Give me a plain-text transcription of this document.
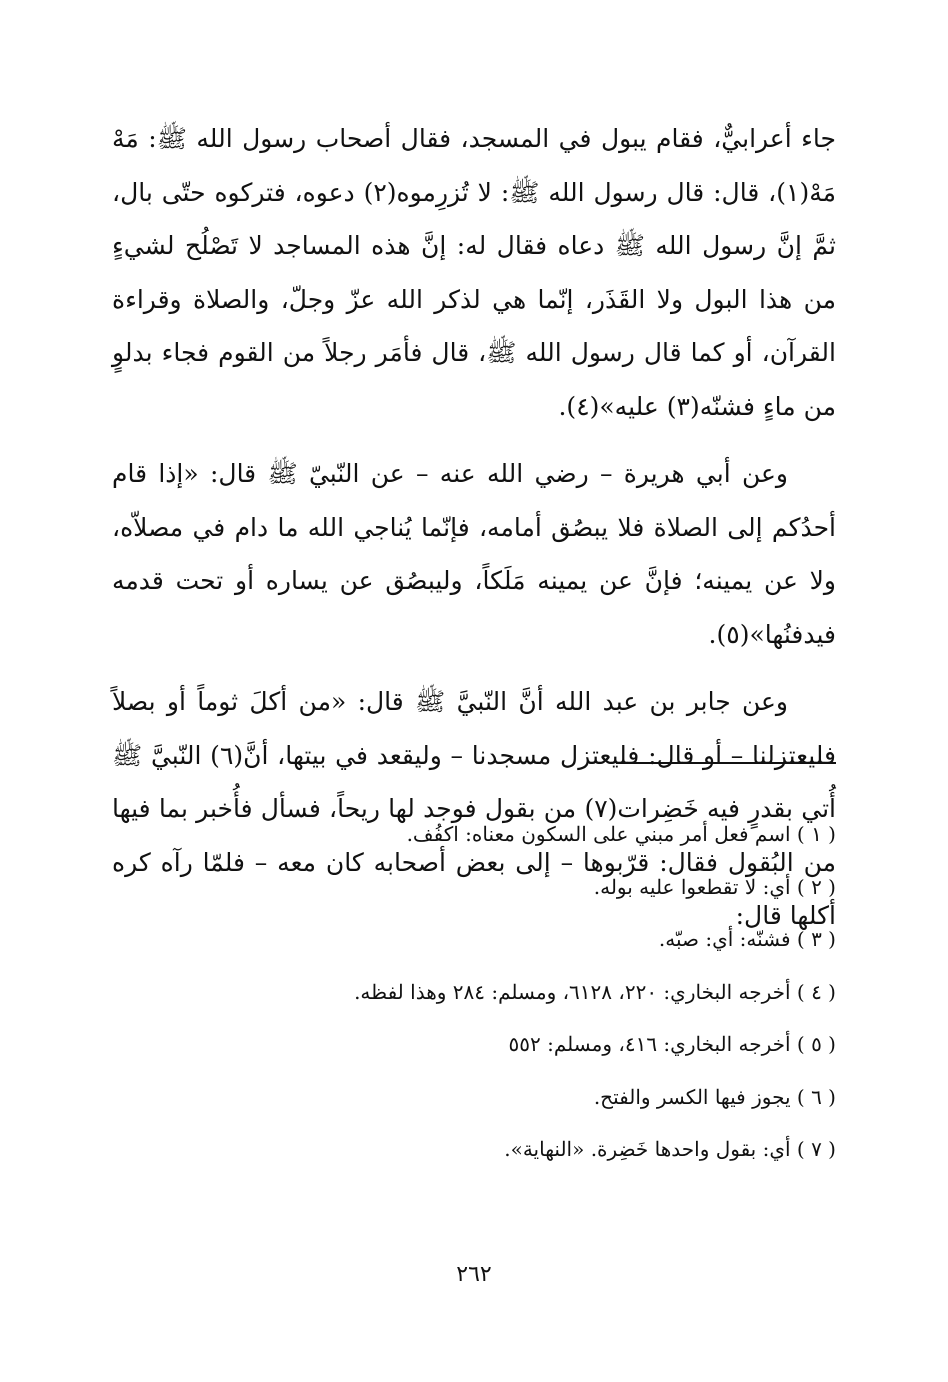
جاء أعرابيٌّ، فقام يبول في المسجد، فقال أصحاب رسول الله ﷺ: مَهْ مَهْ(١)، قال: قال رسول الله ﷺ: لا تُزرِموه(٢) دعوه، فتركوه حتّى بال، ثمَّ إنَّ رسول الله ﷺ دعاه فقال له: إنَّ هذه المساجد لا تَصْلُح لشيءٍ من هذا البول ولا القَذَر، إنّما هي لذكر الله عزّ وجلّ، والصلاة وقراءة القرآن، أو كما قال رسول الله ﷺ، قال فأمَر رجلاً من القوم فجاء بدلوٍ من ماءٍ فشنّه(٣) عليه»(٤).

وعن أبي هريرة – رضي الله عنه – عن النّبيّ ﷺ قال: «إذا قام أحدُكم إلى الصلاة فلا يبصُق أمامه، فإنّما يُناجي الله ما دام في مصلاّه، ولا عن يمينه؛ فإنَّ عن يمينه مَلَكاً، وليبصُق عن يساره أو تحت قدمه فيدفنُها»(٥).

وعن جابر بن عبد الله أنَّ النّبيَّ ﷺ قال: «من أكلَ ثوماً أو بصلاً فليعتزلنا – أو قال: فليعتزل مسجدنا – وليقعد في بيتها، أنَّ(٦) النّبيَّ ﷺ أُتي بقدرٍ فيه خَضِرات(٧) من بقول فوجد لها ريحاً، فسأل فأُخبر بما فيها من البُقول فقال: قرّبوها – إلى بعض أصحابه كان معه – فلمّا رآه كره أكلها قال:

( ١ ) اسم فعل أمر مبني على السكون معناه: اكفُف.

( ٢ ) أي: لا تقطعوا عليه بوله.

( ٣ ) فشنّه: أي: صبّه.

( ٤ ) أخرجه البخاري: ٢٢٠، ٦١٢٨، ومسلم: ٢٨٤ وهذا لفظه.

( ٥ ) أخرجه البخاري: ٤١٦، ومسلم: ٥٥٢

( ٦ ) يجوز فيها الكسر والفتح.

( ٧ ) أي: بقول واحدها خَضِرة. «النهاية».

٢٦٢
